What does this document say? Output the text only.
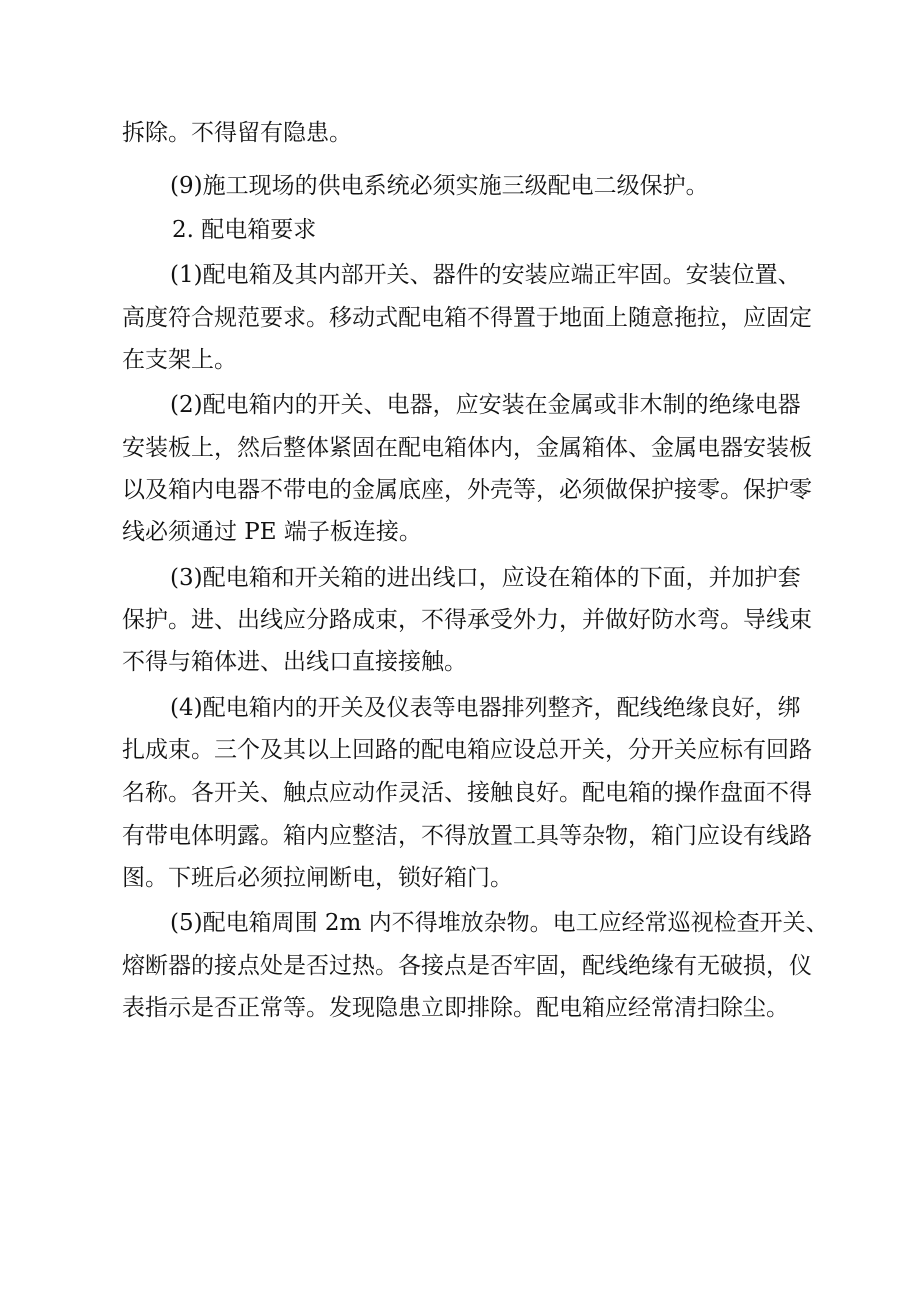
拆除。不得留有隐患。
(9)施工现场的供电系统必须实施三级配电二级保护。
2. 配电箱要求
(1)配电箱及其内部开关、器件的安装应端正牢固。安装位置、
高度符合规范要求。移动式配电箱不得置于地面上随意拖拉，应固定
在支架上。
(2)配电箱内的开关、电器，应安装在金属或非木制的绝缘电器
安装板上，然后整体紧固在配电箱体内，金属箱体、金属电器安装板
以及箱内电器不带电的金属底座，外壳等，必须做保护接零。保护零
线必须通过 PE 端子板连接。
(3)配电箱和开关箱的进出线口，应设在箱体的下面，并加护套
保护。进、出线应分路成束，不得承受外力，并做好防水弯。导线束
不得与箱体进、出线口直接接触。
(4)配电箱内的开关及仪表等电器排列整齐，配线绝缘良好，绑
扎成束。三个及其以上回路的配电箱应设总开关，分开关应标有回路
名称。各开关、触点应动作灵活、接触良好。配电箱的操作盘面不得
有带电体明露。箱内应整洁，不得放置工具等杂物，箱门应设有线路
图。下班后必须拉闸断电，锁好箱门。
(5)配电箱周围 2m 内不得堆放杂物。电工应经常巡视检查开关、
熔断器的接点处是否过热。各接点是否牢固，配线绝缘有无破损，仪
表指示是否正常等。发现隐患立即排除。配电箱应经常清扫除尘。
